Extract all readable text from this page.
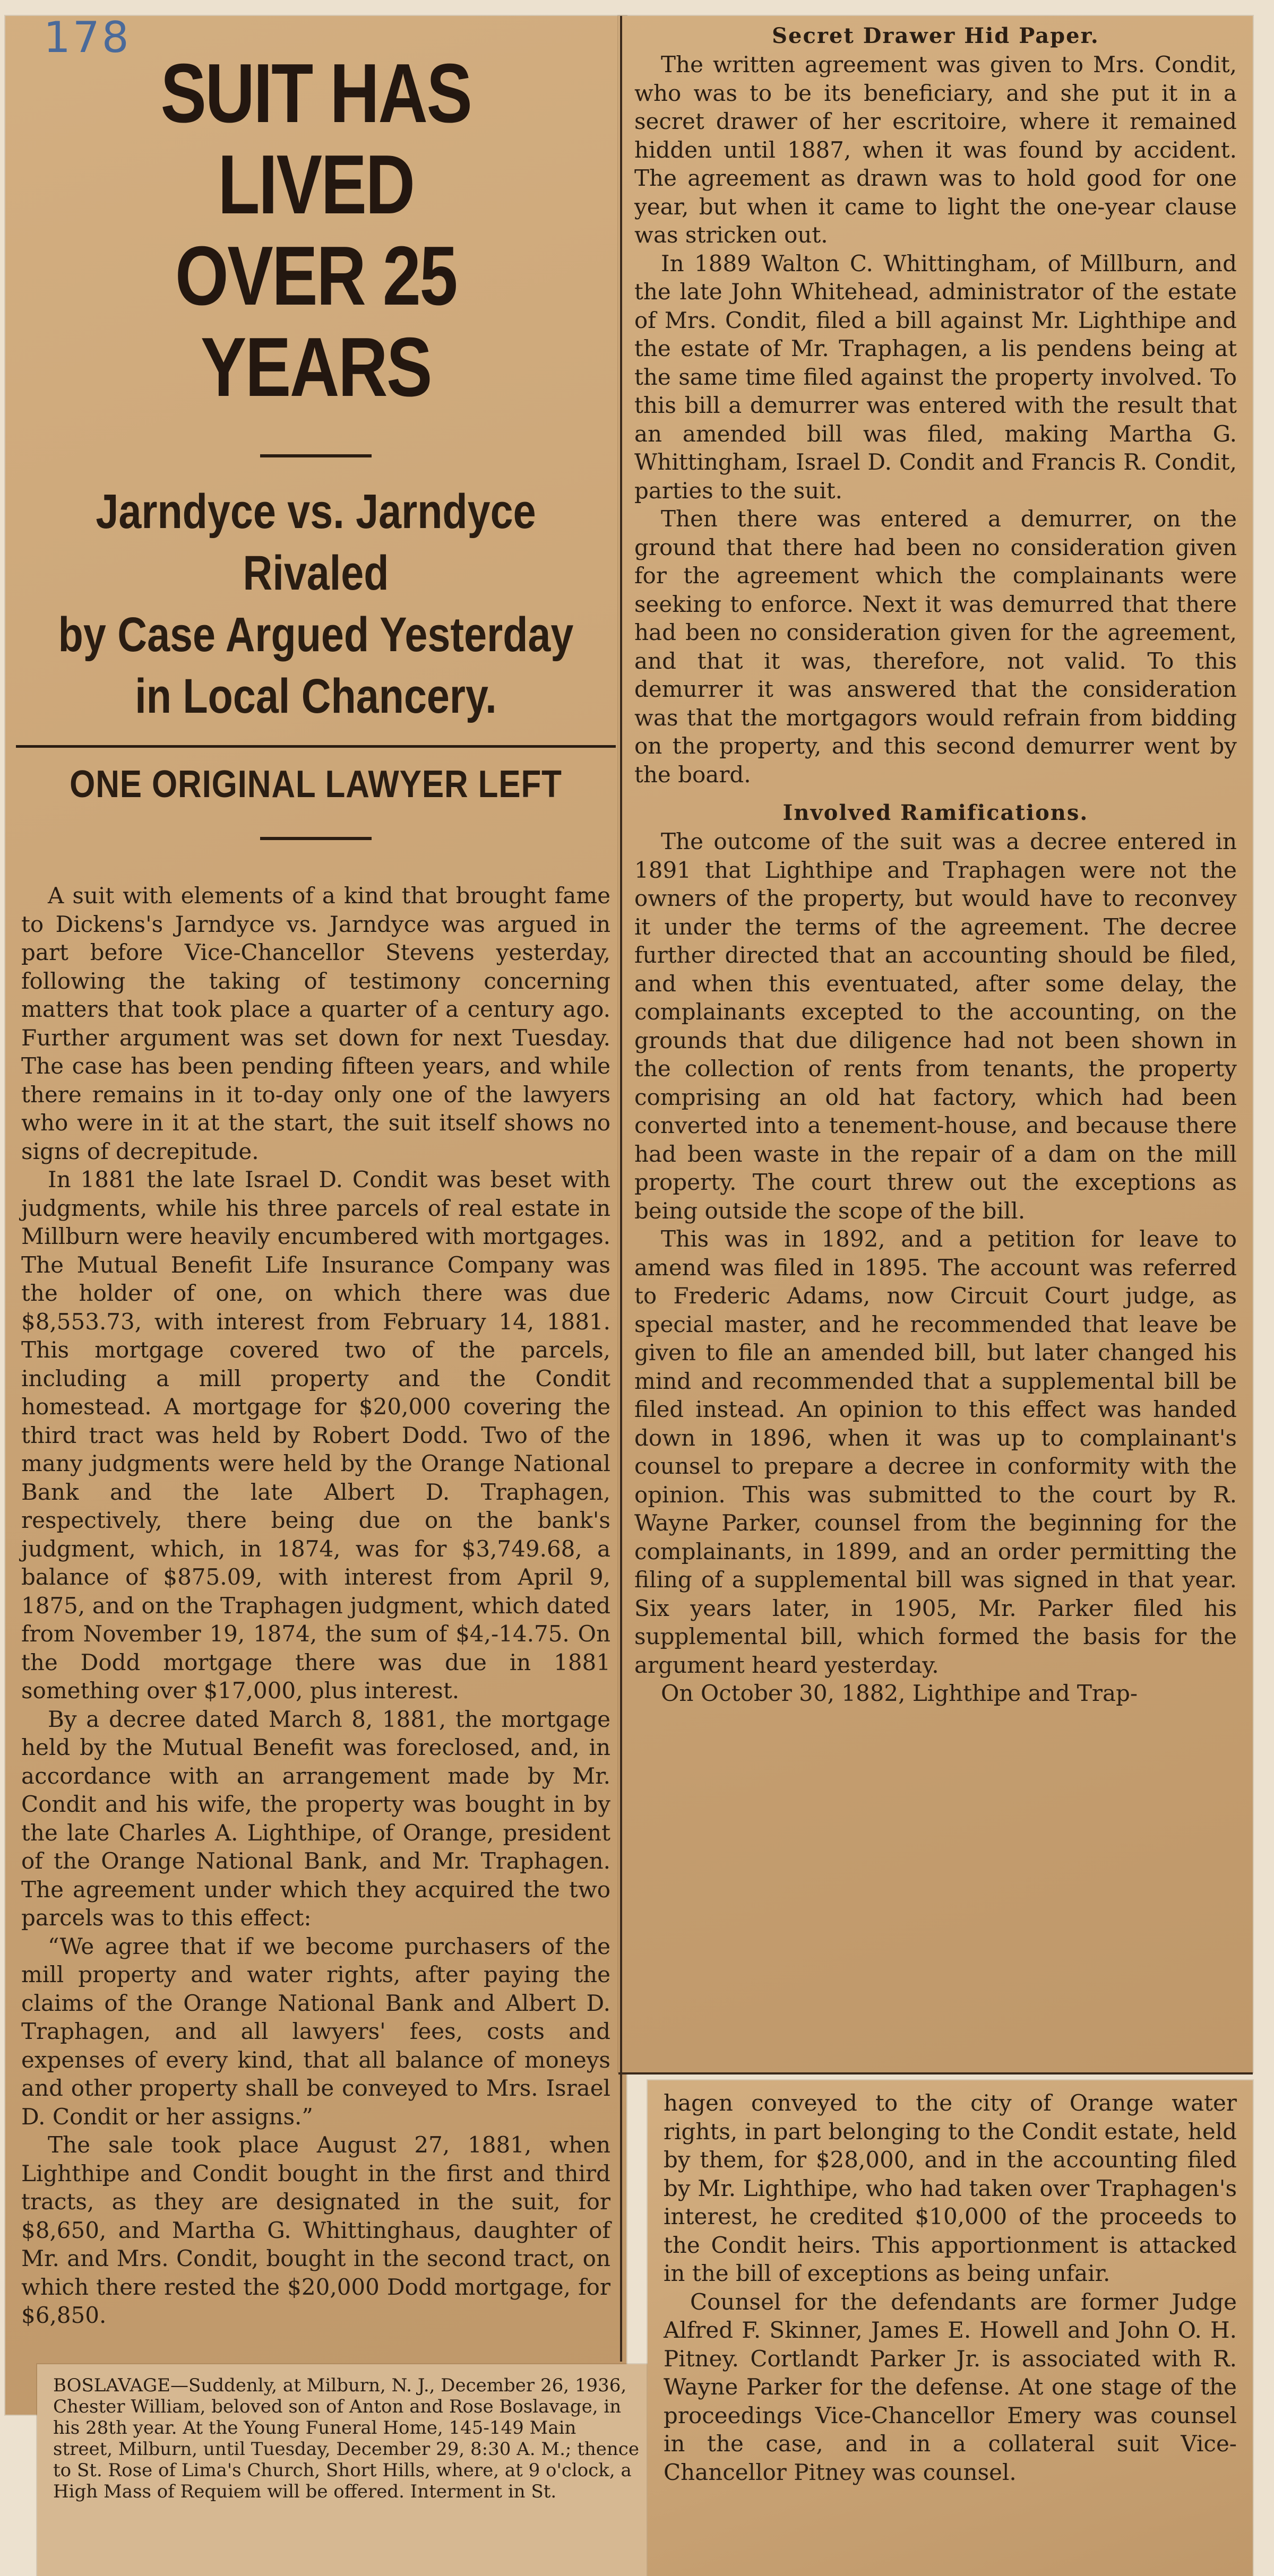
178
SUIT HAS LIVED
OVER 25 YEARS
Jarndyce vs. Jarndyce Rivaled
by Case Argued Yesterday
in Local Chancery.
ONE ORIGINAL LAWYER LEFT

A suit with elements of a kind that brought fame to Dickens's Jarndyce vs. Jarndyce was argued in part before Vice-Chancellor Stevens yesterday, following the taking of testimony concerning matters that took place a quarter of a century ago. Further argument was set down for next Tuesday. The case has been pending fifteen years, and while there remains in it to-day only one of the lawyers who were in it at the start, the suit itself shows no signs of decrepitude.

In 1881 the late Israel D. Condit was beset with judgments, while his three parcels of real estate in Millburn were heavily encumbered with mortgages. The Mutual Benefit Life Insurance Company was the holder of one, on which there was due $8,553.73, with interest from February 14, 1881. This mortgage covered two of the parcels, including a mill property and the Condit homestead. A mortgage for $20,000 covering the third tract was held by Robert Dodd. Two of the many judgments were held by the Orange National Bank and the late Albert D. Traphagen, respectively, there being due on the bank's judgment, which, in 1874, was for $3,749.68, a balance of $875.09, with interest from April 9, 1875, and on the Traphagen judgment, which dated from November 19, 1874, the sum of $4,-14.75. On the Dodd mortgage there was due in 1881 something over $17,000, plus interest.

By a decree dated March 8, 1881, the mortgage held by the Mutual Benefit was foreclosed, and, in accordance with an arrangement made by Mr. Condit and his wife, the property was bought in by the late Charles A. Lighthipe, of Orange, president of the Orange National Bank, and Mr. Traphagen. The agreement under which they acquired the two parcels was to this effect:

“We agree that if we become purchasers of the mill property and water rights, after paying the claims of the Orange National Bank and Albert D. Traphagen, and all lawyers' fees, costs and expenses of every kind, that all balance of moneys and other property shall be conveyed to Mrs. Israel D. Condit or her assigns.”

The sale took place August 27, 1881, when Lighthipe and Condit bought in the first and third tracts, as they are designated in the suit, for $8,650, and Martha G. Whittinghaus, daughter of Mr. and Mrs. Condit, bought in the second tract, on which there rested the $20,000 Dodd mortgage, for $6,850.

BOSLAVAGE—Suddenly, at Milburn, N. J., December 26, 1936, Chester William, beloved son of Anton and Rose Boslavage, in his 28th year. At the Young Funeral Home, 145-149 Main street, Milburn, until Tuesday, December 29, 8:30 A. M.; thence to St. Rose of Lima's Church, Short Hills, where, at 9 o'clock, a High Mass of Requiem will be offered. Interment in St.

Secret Drawer Hid Paper.

The written agreement was given to Mrs. Condit, who was to be its beneficiary, and she put it in a secret drawer of her escritoire, where it remained hidden until 1887, when it was found by accident. The agreement as drawn was to hold good for one year, but when it came to light the one-year clause was stricken out.

In 1889 Walton C. Whittingham, of Millburn, and the late John Whitehead, administrator of the estate of Mrs. Condit, filed a bill against Mr. Lighthipe and the estate of Mr. Traphagen, a lis pendens being at the same time filed against the property involved. To this bill a demurrer was entered with the result that an amended bill was filed, making Martha G. Whittingham, Israel D. Condit and Francis R. Condit, parties to the suit.

Then there was entered a demurrer, on the ground that there had been no consideration given for the agreement which the complainants were seeking to enforce. Next it was demurred that there had been no consideration given for the agreement, and that it was, therefore, not valid. To this demurrer it was answered that the consideration was that the mortgagors would refrain from bidding on the property, and this second demurrer went by the board.

Involved Ramifications.

The outcome of the suit was a decree entered in 1891 that Lighthipe and Traphagen were not the owners of the property, but would have to reconvey it under the terms of the agreement. The decree further directed that an accounting should be filed, and when this eventuated, after some delay, the complainants excepted to the accounting, on the grounds that due diligence had not been shown in the collection of rents from tenants, the property comprising an old hat factory, which had been converted into a tenement-house, and because there had been waste in the repair of a dam on the mill property. The court threw out the exceptions as being outside the scope of the bill.

This was in 1892, and a petition for leave to amend was filed in 1895. The account was referred to Frederic Adams, now Circuit Court judge, as special master, and he recommended that leave be given to file an amended bill, but later changed his mind and recommended that a supplemental bill be filed instead. An opinion to this effect was handed down in 1896, when it was up to complainant's counsel to prepare a decree in conformity with the opinion. This was submitted to the court by R. Wayne Parker, counsel from the beginning for the complainants, in 1899, and an order permitting the filing of a supplemental bill was signed in that year. Six years later, in 1905, Mr. Parker filed his supplemental bill, which formed the basis for the argument heard yesterday.

On October 30, 1882, Lighthipe and Trap-

hagen conveyed to the city of Orange water rights, in part belonging to the Condit estate, held by them, for $28,000, and in the accounting filed by Mr. Lighthipe, who had taken over Traphagen's interest, he credited $10,000 of the proceeds to the Condit heirs. This apportionment is attacked in the bill of exceptions as being unfair.

Counsel for the defendants are former Judge Alfred F. Skinner, James E. Howell and John O. H. Pitney. Cortlandt Parker Jr. is associated with R. Wayne Parker for the defense. At one stage of the proceedings Vice-Chancellor Emery was counsel in the case, and in a collateral suit Vice-Chancellor Pitney was counsel.
